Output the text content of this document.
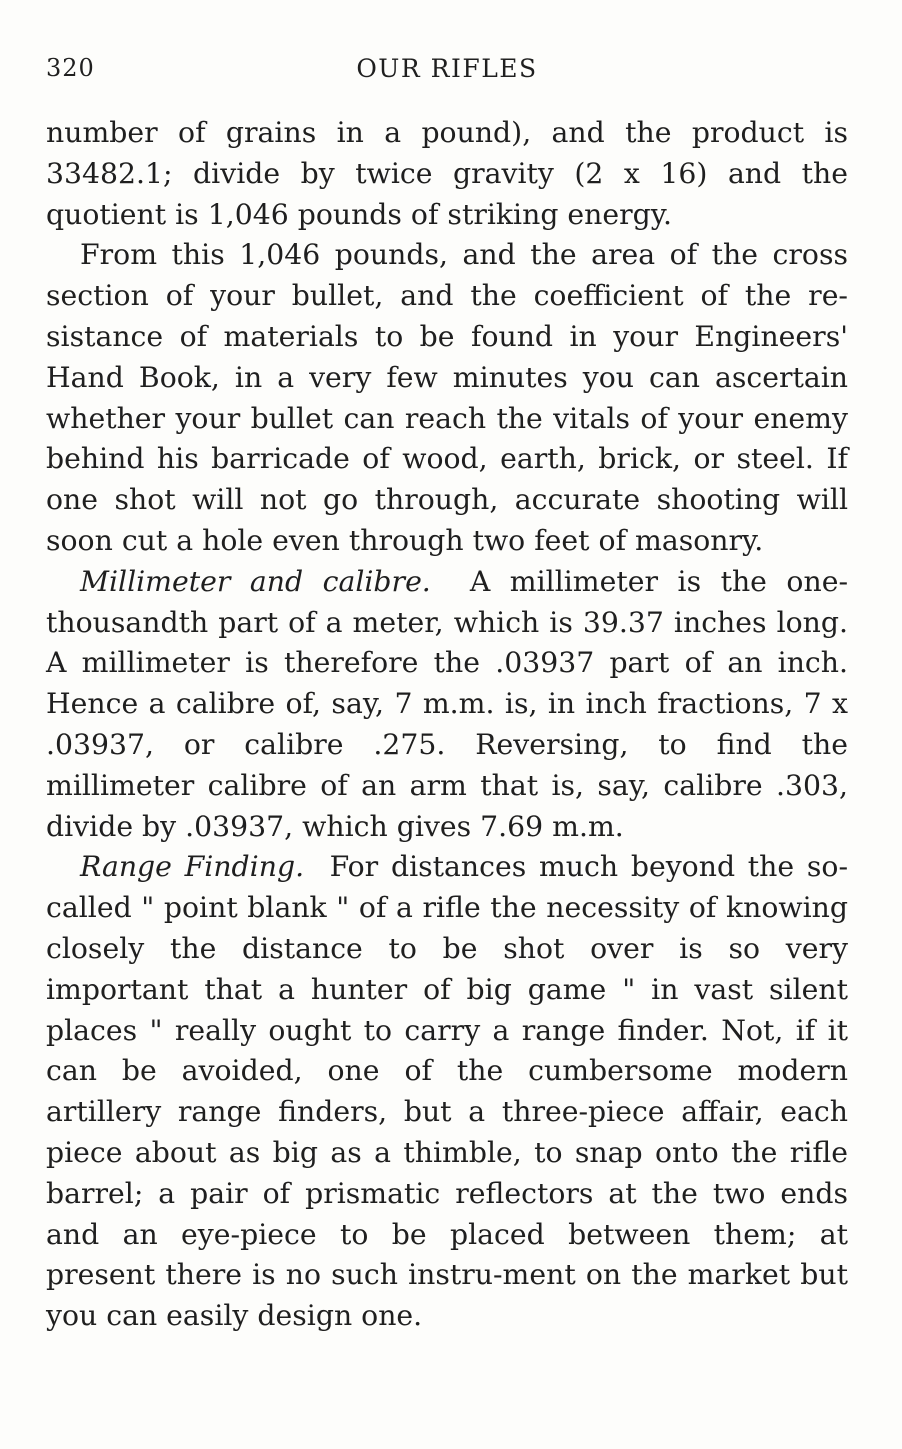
320	OUR RIFLES

number of grains in a pound), and the product is 33482.1; divide by twice gravity (2 x 16) and the quotient is 1,046 pounds of striking energy.

From this 1,046 pounds, and the area of the cross section of your bullet, and the coefficient of the re-sistance of materials to be found in your Engineers' Hand Book, in a very few minutes you can ascertain whether your bullet can reach the vitals of your enemy behind his barricade of wood, earth, brick, or steel. If one shot will not go through, accurate shooting will soon cut a hole even through two feet of masonry.

Millimeter and calibre. A millimeter is the one-thousandth part of a meter, which is 39.37 inches long. A millimeter is therefore the .03937 part of an inch. Hence a calibre of, say, 7 m.m. is, in inch fractions, 7 x .03937, or calibre .275. Reversing, to find the millimeter calibre of an arm that is, say, calibre .303, divide by .03937, which gives 7.69 m.m.

Range Finding. For distances much beyond the so-called " point blank " of a rifle the necessity of knowing closely the distance to be shot over is so very important that a hunter of big game " in vast silent places " really ought to carry a range finder. Not, if it can be avoided, one of the cumbersome modern artillery range finders, but a three-piece affair, each piece about as big as a thimble, to snap onto the rifle barrel; a pair of prismatic reflectors at the two ends and an eye-piece to be placed between them; at present there is no such instru-ment on the market but you can easily design one.
